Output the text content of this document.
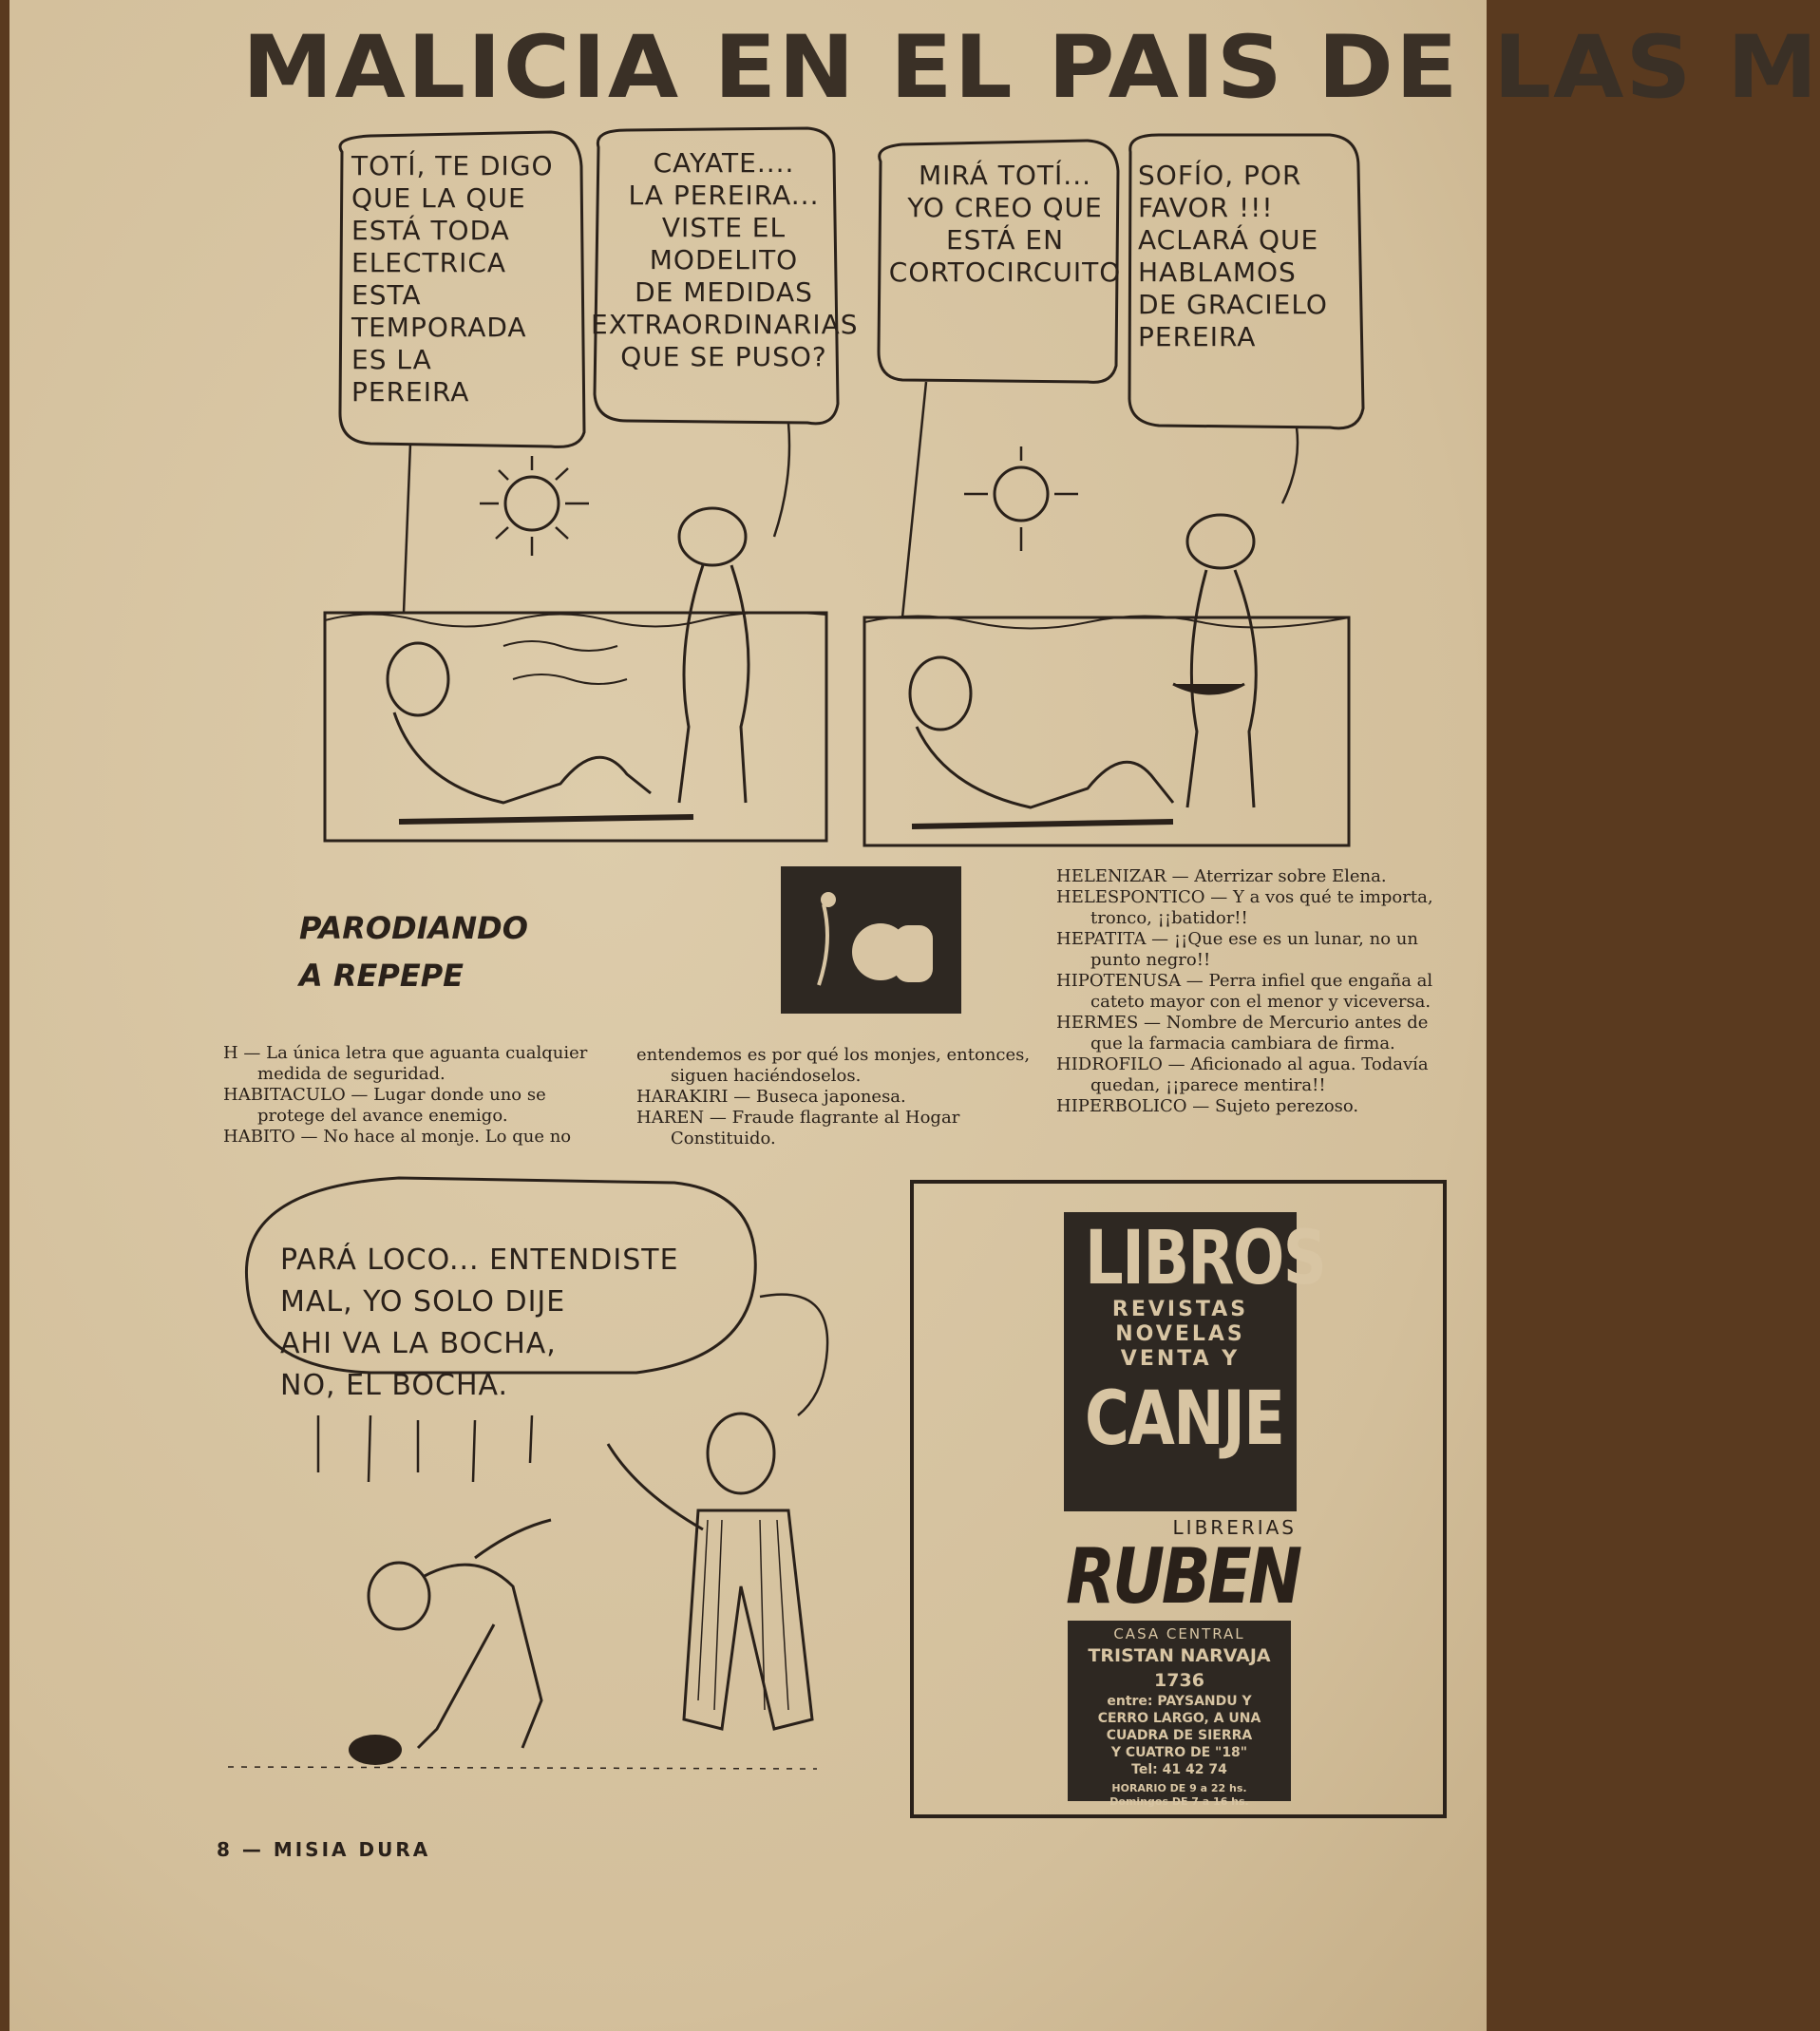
MALICIA EN EL PAIS DE LAS M
TOTÍ, TE DIGO
QUE LA QUE
ESTÁ TODA
ELECTRICA
ESTA
TEMPORADA
ES LA
PEREIRA
CAYATE....
LA PEREIRA...
VISTE EL
MODELITO
DE MEDIDAS
EXTRAORDINARIAS
QUE SE PUSO?
MIRÁ TOTÍ...
YO CREO QUE
ESTÁ EN
CORTOCIRCUITO
SOFÍO, POR
FAVOR !!!
ACLARÁ QUE
HABLAMOS
DE GRACIELO
PEREIRA
PARODIANDO
A REPEPE
H — La única letra que aguanta cualquier medida de seguridad.
HABITACULO — Lugar donde uno se protege del avance enemigo.
HABITO — No hace al monje. Lo que no
entendemos es por qué los monjes, entonces, siguen haciéndoselos.
HARAKIRI — Buseca japonesa.
HAREN — Fraude flagrante al Hogar Constituido.
HELENIZAR — Aterrizar sobre Elena.
HELESPONTICO — Y a vos qué te importa, tronco, ¡¡batidor!!
HEPATITA — ¡¡Que ese es un lunar, no un punto negro!!
HIPOTENUSA — Perra infiel que engaña al cateto mayor con el menor y viceversa.
HERMES — Nombre de Mercurio antes de que la farmacia cambiara de firma.
HIDROFILO — Aficionado al agua. Todavía quedan, ¡¡parece mentira!!
HIPERBOLICO — Sujeto perezoso.
PARÁ LOCO... ENTENDISTE
MAL, YO SOLO DIJE
AHI VA LA BOCHA,
NO, EL BOCHA.
LIBROS
REVISTAS
NOVELAS
VENTA Y
CANJE
LIBRERIAS
RUBEN
CASA CENTRAL
TRISTAN NARVAJA 1736
entre: PAYSANDU Y
CERRO LARGO, A UNA
CUADRA DE SIERRA
Y CUATRO DE "18"
Tel: 41 42 74
HORARIO DE 9 a 22 hs.
Domingos DE 7 a 16 hs.
8 — MISIA DURA
